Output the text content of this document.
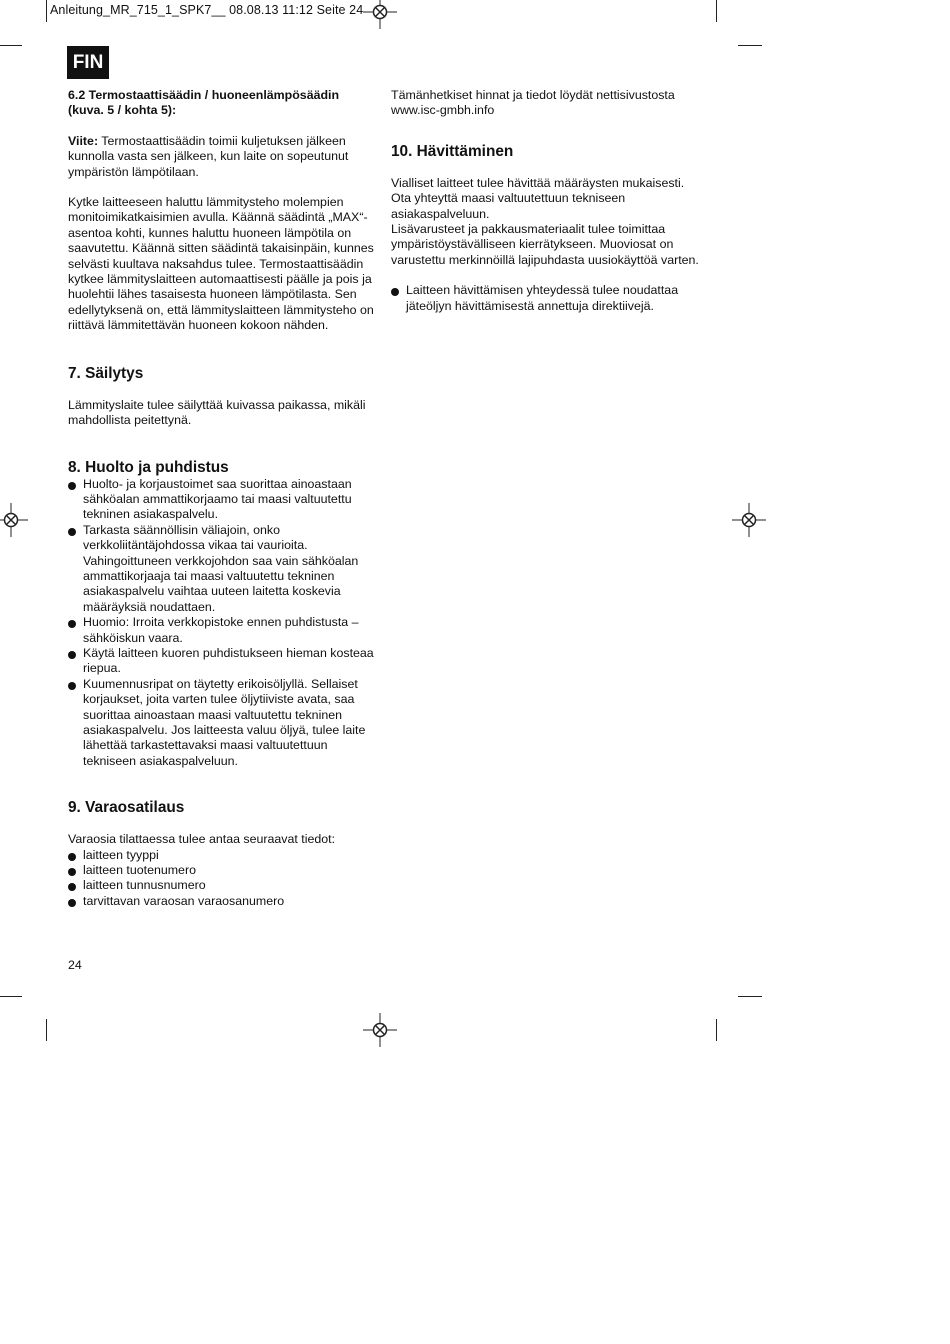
Anleitung_MR_715_1_SPK7__ 08.08.13 11:12 Seite 24
FIN

6.2 Termostaattisäädin / huoneenlämpösäädin
(kuva. 5 / kohta 5):

Viite: Termostaattisäädin toimii kuljetuksen jälkeen kunnolla vasta sen jälkeen, kun laite on sopeutunut ympäristön lämpötilaan.

Kytke laitteeseen haluttu lämmitysteho molempien monitoimikatkaisimien avulla. Käännä säädintä „MAX“-asentoa kohti, kunnes haluttu huoneen lämpötila on saavutettu. Käännä sitten säädintä takaisinpäin, kunnes selvästi kuultava naksahdus tulee. Termostaattisäädin kytkee lämmityslaitteen automaattisesti päälle ja pois ja huolehtii lähes tasaisesta huoneen lämpötilasta. Sen edellytyksenä on, että lämmityslaitteen lämmitysteho on riittävä lämmitettävän huoneen kokoon nähden.

7. Säilytys

Lämmityslaite tulee säilyttää kuivassa paikassa, mikäli mahdollista peitettynä.

8. Huolto ja puhdistus
Huolto- ja korjaustoimet saa suorittaa ainoastaan sähköalan ammattikorjaamo tai maasi valtuutettu tekninen asiakaspalvelu.
Tarkasta säännöllisin väliajoin, onko verkkoliitäntäjohdossa vikaa tai vaurioita. Vahingoittuneen verkkojohdon saa vain sähköalan ammattikorjaaja tai maasi valtuutettu tekninen asiakaspalvelu vaihtaa uuteen laitetta koskevia määräyksiä noudattaen.
Huomio: Irroita verkkopistoke ennen puhdistusta – sähköiskun vaara.
Käytä laitteen kuoren puhdistukseen hieman kosteaa riepua.
Kuumennusripat on täytetty erikoisöljyllä. Sellaiset korjaukset, joita varten tulee öljytiiviste avata, saa suorittaa ainoastaan maasi valtuutettu tekninen asiakaspalvelu. Jos laitteesta valuu öljyä, tulee laite lähettää tarkastettavaksi maasi valtuutettuun tekniseen asiakaspalveluun.
9. Varaosatilaus

Varaosia tilattaessa tulee antaa seuraavat tiedot:

laitteen tyyppi
laitteen tuotenumero
laitteen tunnusnumero
tarvittavan varaosan varaosanumero

Tämänhetkiset hinnat ja tiedot löydät nettisivustosta
www.isc-gmbh.info

10. Hävittäminen

Vialliset laitteet tulee hävittää määräysten mukaisesti. Ota yhteyttä maasi valtuutettuun tekniseen asiakaspalveluun.

Lisävarusteet ja pakkausmateriaalit tulee toimittaa ympäristöystävälliseen kierrätykseen. Muoviosat on varustettu merkinnöillä lajipuhdasta uusiokäyttöä varten.

Laitteen hävittämisen yhteydessä tulee noudattaa jäteöljyn hävittämisestä annettuja direktiivejä.
24
